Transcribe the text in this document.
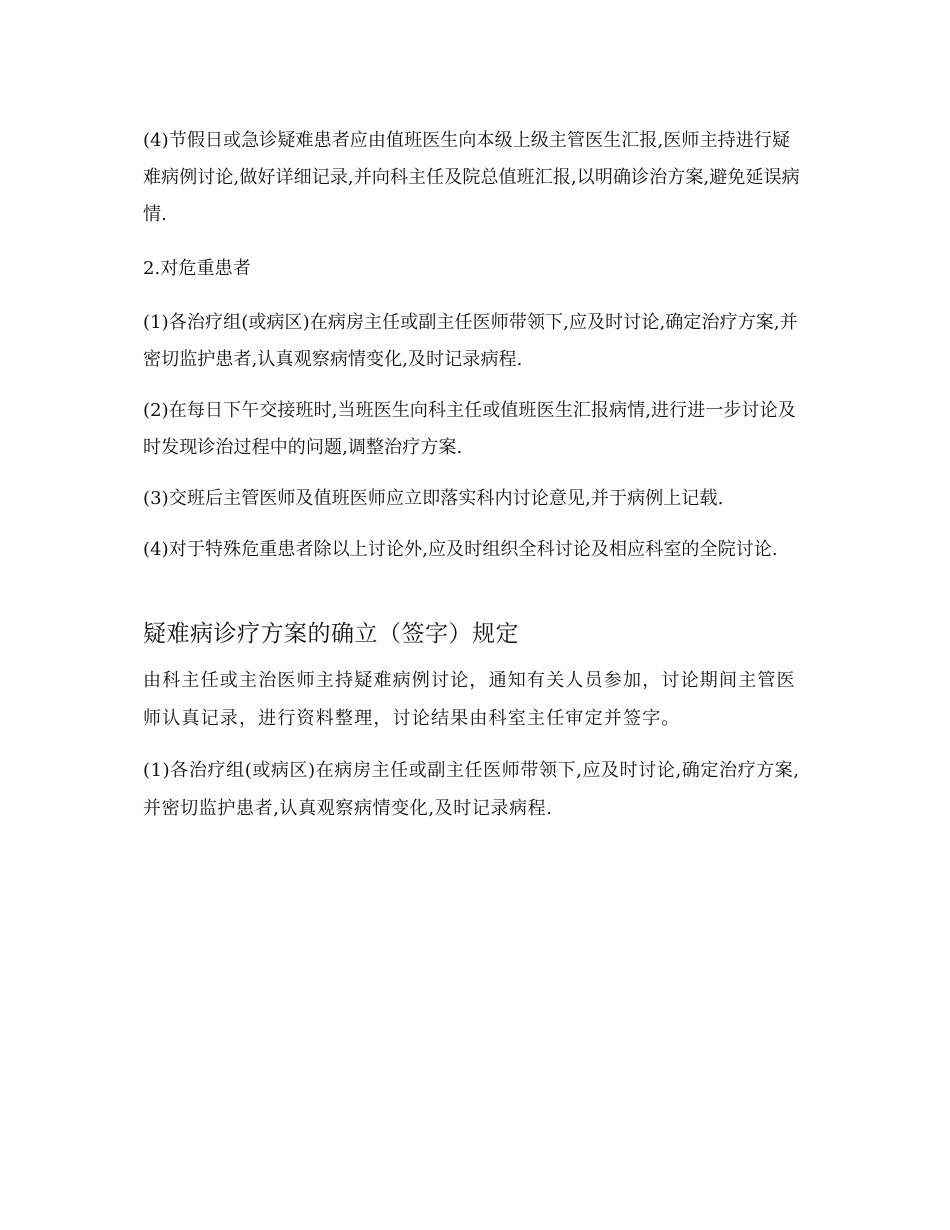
(4)节假日或急诊疑难患者应由值班医生向本级上级主管医生汇报,医师主持进行疑难病例讨论,做好详细记录,并向科主任及院总值班汇报,以明确诊治方案,避免延误病情.

2.对危重患者

(1)各治疗组(或病区)在病房主任或副主任医师带领下,应及时讨论,确定治疗方案,并密切监护患者,认真观察病情变化,及时记录病程.

(2)在每日下午交接班时,当班医生向科主任或值班医生汇报病情,进行进一步讨论及时发现诊治过程中的问题,调整治疗方案.

(3)交班后主管医师及值班医师应立即落实科内讨论意见,并于病例上记载.

(4)对于特殊危重患者除以上讨论外,应及时组织全科讨论及相应科室的全院讨论.

疑难病诊疗方案的确立（签字）规定

由科主任或主治医师主持疑难病例讨论，通知有关人员参加，讨论期间主管医师认真记录，进行资料整理，讨论结果由科室主任审定并签字。

(1)各治疗组(或病区)在病房主任或副主任医师带领下,应及时讨论,确定治疗方案,并密切监护患者,认真观察病情变化,及时记录病程.
